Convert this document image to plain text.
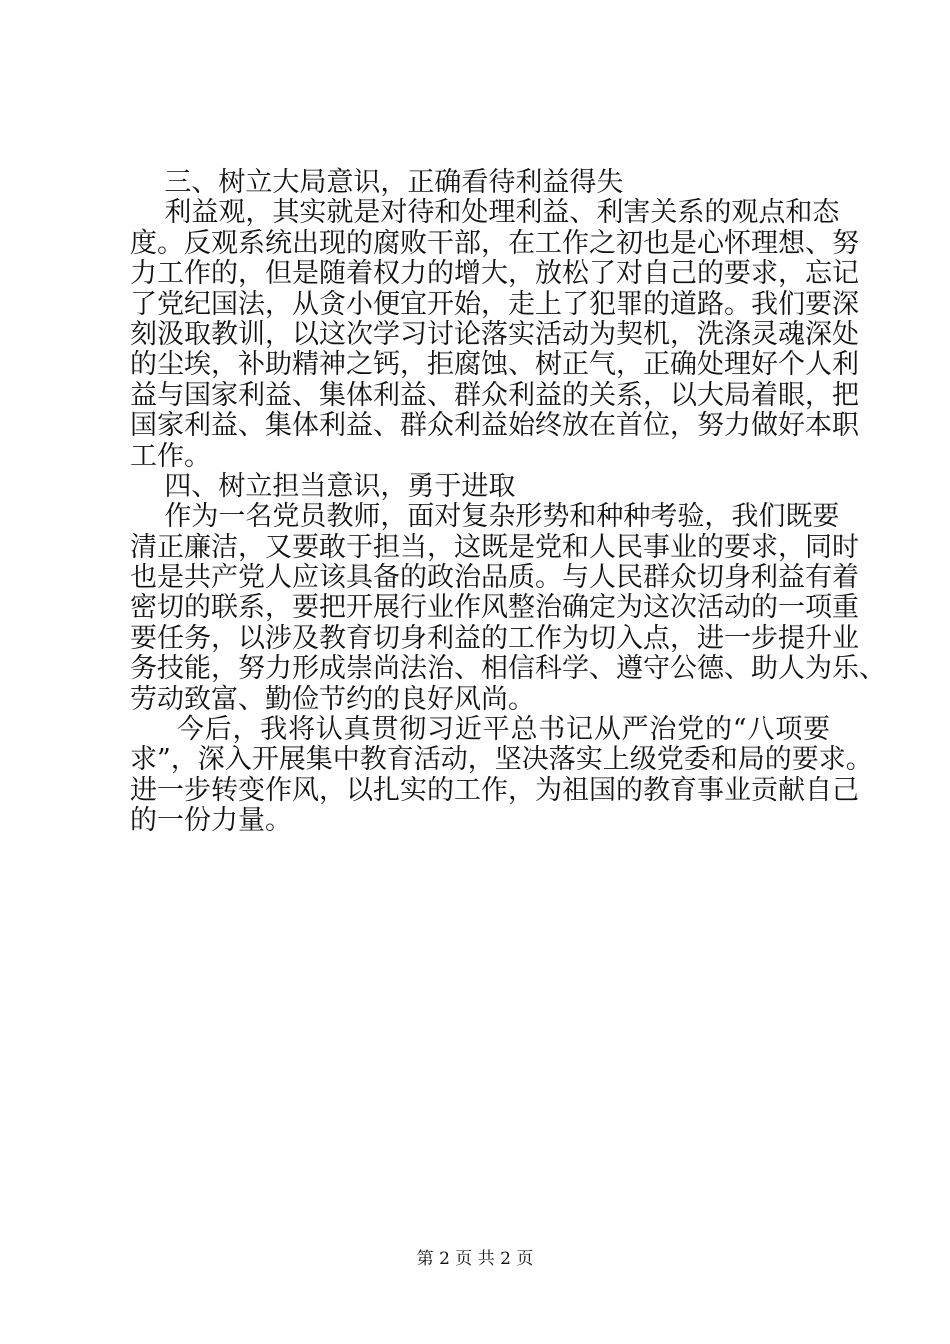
三、树立大局意识，正确看待利益得失
利益观，其实就是对待和处理利益、利害关系的观点和态
度。反观系统出现的腐败干部，在工作之初也是心怀理想、努
力工作的，但是随着权力的增大，放松了对自己的要求，忘记
了党纪国法，从贪小便宜开始，走上了犯罪的道路。我们要深
刻汲取教训，以这次学习讨论落实活动为契机，洗涤灵魂深处
的尘埃，补助精神之钙，拒腐蚀、树正气，正确处理好个人利
益与国家利益、集体利益、群众利益的关系，以大局着眼，把
国家利益、集体利益、群众利益始终放在首位，努力做好本职
工作。
四、树立担当意识，勇于进取
作为一名党员教师，面对复杂形势和种种考验，我们既要
清正廉洁，又要敢于担当，这既是党和人民事业的要求，同时
也是共产党人应该具备的政治品质。与人民群众切身利益有着
密切的联系，要把开展行业作风整治确定为这次活动的一项重
要任务，以涉及教育切身利益的工作为切入点，进一步提升业
务技能，努力形成崇尚法治、相信科学、遵守公德、助人为乐、
劳动致富、勤俭节约的良好风尚。
今后，我将认真贯彻习近平总书记从严治党的“八项要
求”，深入开展集中教育活动，坚决落实上级党委和局的要求。
进一步转变作风，以扎实的工作，为祖国的教育事业贡献自己
的一份力量。
第 2 页 共 2 页
